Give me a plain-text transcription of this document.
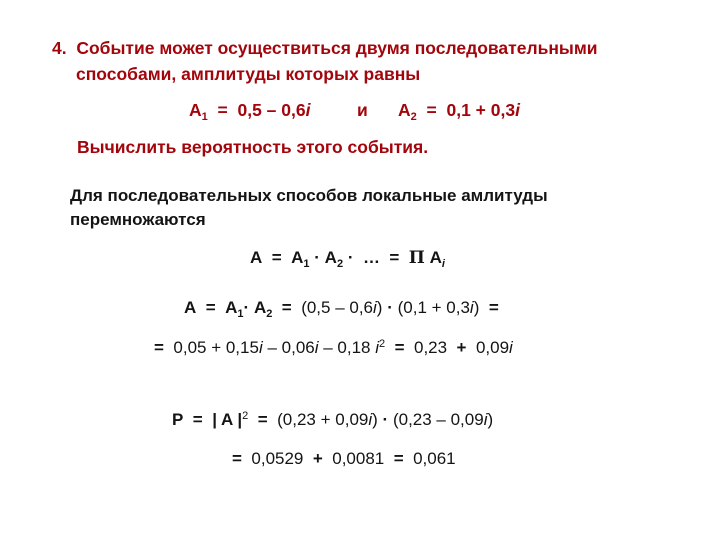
4. Событие может осуществиться двумя последовательными
способами, амплитуды которых равны
$A_1 = 0,5 - 0,6i$	и $A_2 = 0,1 + 0,3i$
Вычислить вероятность этого события.
Для последовательных способов локальные амлитуды
перемножаются
$A = A_1 \cdot A_2$ · … = Π $A_i$
$A = A_1\cdot A_2 = (0,5 - 0,6i) \cdot (0,1 + 0,3i)$ =
= 0,05 + 0,15i – 0,06i – 0,18 $i^2 = 0,23 + 0,09i$
P = | A $|^2 = (0,23 + 0,09i) \cdot (0,23 - 0,09i)$
= 0,0529 + 0,0081 = 0,061
